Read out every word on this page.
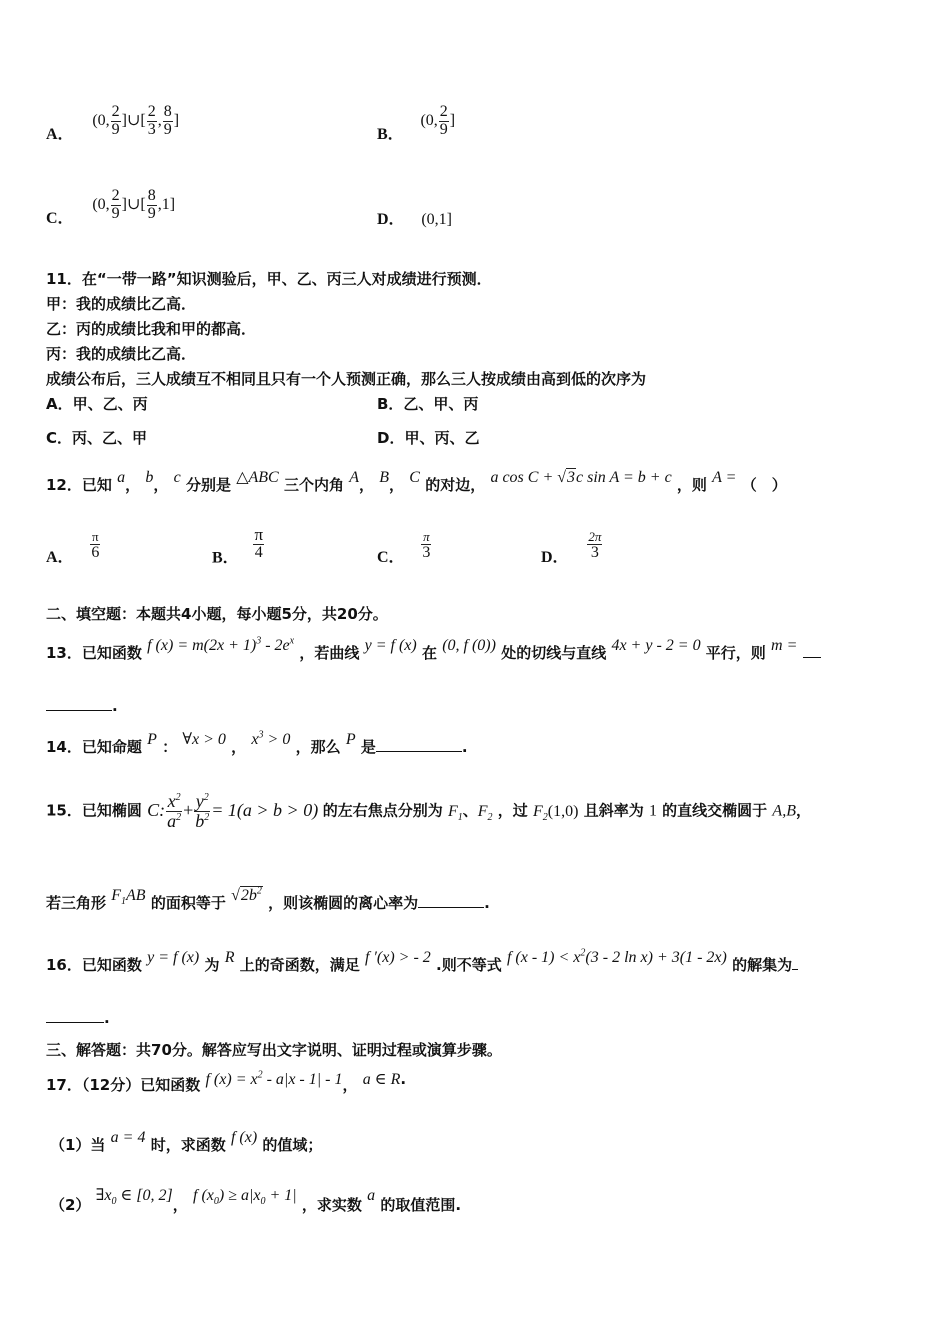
A． (0, $\frac{2}{9}$ ]∪[ $\frac{2}{3}$ , $\frac{8}{9}$ ]
B． (0, $\frac{2}{9}$ ]
C． (0, $\frac{2}{9}$ ]∪[ $\frac{8}{9} ,1$]
D． (0,1]
11．在“一带一路”知识测验后，甲、乙、丙三人对成绩进行预测．
甲：我的成绩比乙高．
乙：丙的成绩比我和甲的都高．
丙：我的成绩比乙高．
成绩公布后，三人成绩互不相同且只有一个人预测正确，那么三人按成绩由高到低的次序为
A．甲、乙、丙	B．乙、甲、丙
C．丙、乙、甲	D．甲、丙、乙
12．已知 a， b， c 分别是 △ABC 三个内角 A， B， C 的对边， a cos C + √3c sin A = b + c ，则 A = （　）
A． $\frac{\pi}{6}$	B． $\frac{\pi}{4}$	C． $\frac{\pi}{3}$	D． $\frac{2\pi}{3}$
二、填空题：本题共4小题，每小题5分，共20分。
13．已知函数 f $(x) = m(2x + 1)^3 - 2e^x$ ，若曲线 y = f (x) 在 (0, f (0)) 处的切线与直线 4x + y - 2 = 0 平行，则 m =
.
14．已知命题 P ： ∀x > 0 ， $x^3 > 0$ ，那么 P 是	.
15．已知椭圆 C: $\frac{x^2}{a^2} + \frac{y^2}{b^2} = 1(a > b > 0)$ 的左右焦点分别为 $F_1$、$F_2$ ，过 $F_2(1,0)$ 且斜率为 1 的直线交椭圆于 A,B，
若三角形 $F_1AB$ 的面积等于 $√2b^2$ ，则该椭圆的离心率为	.
16．已知函数 y = f (x) 为 R 上的奇函数，满足 f ′(x) > - 2 .则不等式 f $(x - 1) < x^2(3 - 2$ ln x) + 3(1 - 2x) 的解集为
.
三、解答题：共70分。解答应写出文字说明、证明过程或演算步骤。
17．（12分）已知函数 f $(x) = x^2 - a|x - 1| - 1$， a ∈ R.
（1）当 a = 4 时，求函数 f (x) 的值域；
（2） $\exists x_0$ ∈ [0, 2]， f $(x_0) \ge a|x_0 + 1|$ ，求实数 a 的取值范围.
